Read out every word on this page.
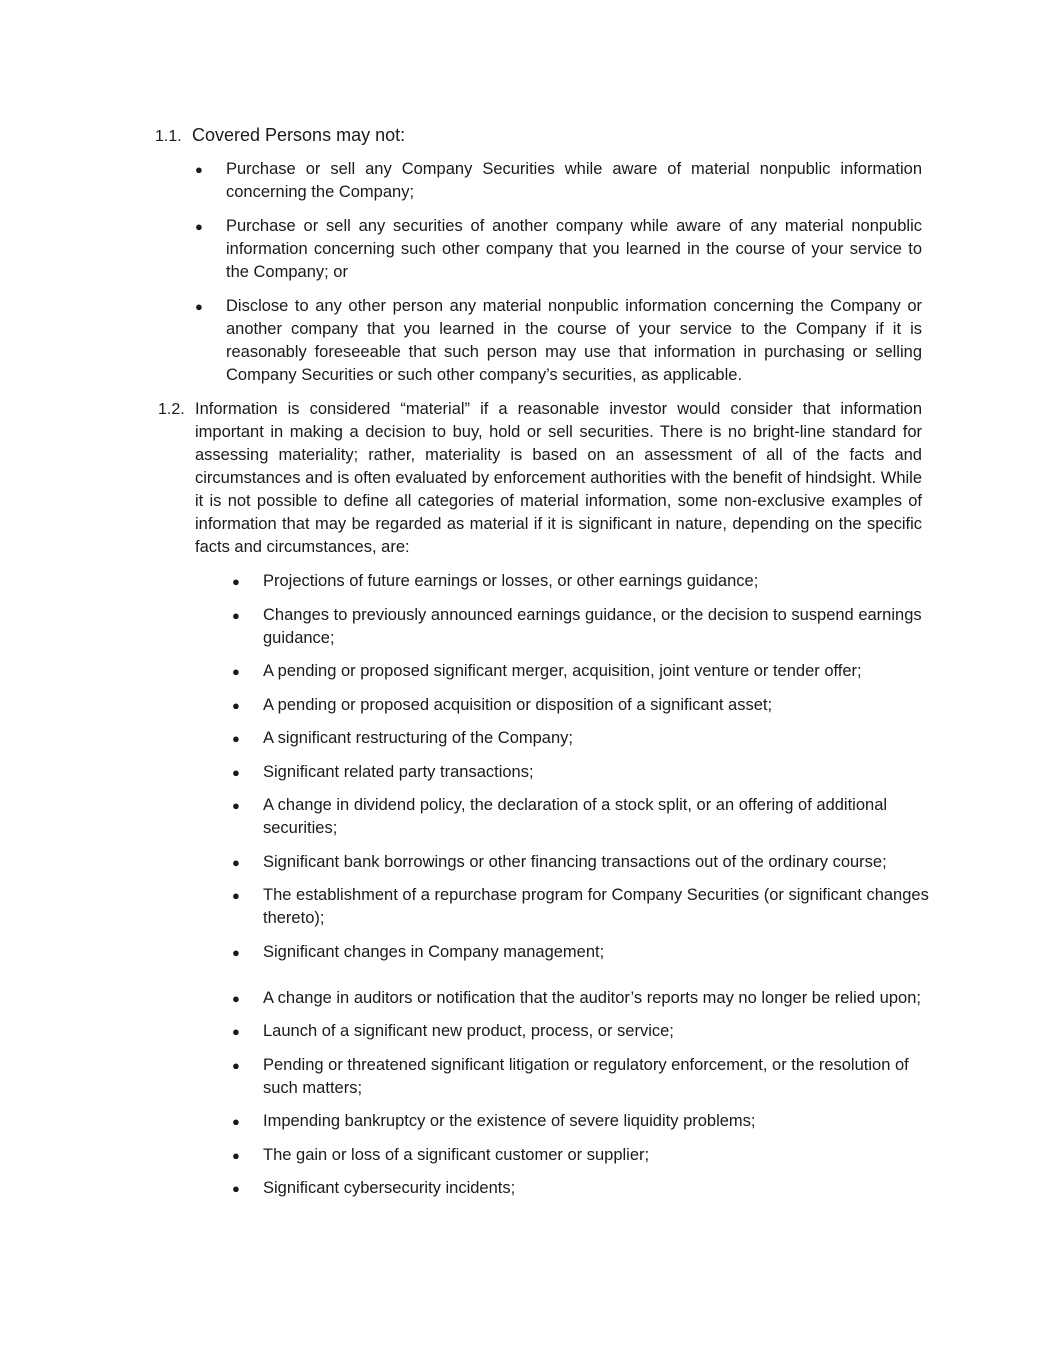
1.1. Covered Persons may not:
● Purchase or sell any Company Securities while aware of material nonpublic information concerning the Company;
● Purchase or sell any securities of another company while aware of any material nonpublic information concerning such other company that you learned in the course of your service to the Company; or
● Disclose to any other person any material nonpublic information concerning the Company or another company that you learned in the course of your service to the Company if it is reasonably foreseeable that such person may use that information in purchasing or selling Company Securities or such other company’s securities, as applicable.
1.2. Information is considered “material” if a reasonable investor would consider that information important in making a decision to buy, hold or sell securities. There is no bright-line standard for assessing materiality; rather, materiality is based on an assessment of all of the facts and circumstances and is often evaluated by enforcement authorities with the benefit of hindsight. While it is not possible to define all categories of material information, some non-exclusive examples of information that may be regarded as material if it is significant in nature, depending on the specific facts and circumstances, are:
● Projections of future earnings or losses, or other earnings guidance;
● Changes to previously announced earnings guidance, or the decision to suspend earnings guidance;
● A pending or proposed significant merger, acquisition, joint venture or tender offer;
● A pending or proposed acquisition or disposition of a significant asset;
● A significant restructuring of the Company;
● Significant related party transactions;
● A change in dividend policy, the declaration of a stock split, or an offering of additional securities;
● Significant bank borrowings or other financing transactions out of the ordinary course;
● The establishment of a repurchase program for Company Securities (or significant changes thereto);
● Significant changes in Company management;
● A change in auditors or notification that the auditor’s reports may no longer be relied upon;
● Launch of a significant new product, process, or service;
● Pending or threatened significant litigation or regulatory enforcement, or the resolution of such matters;
● Impending bankruptcy or the existence of severe liquidity problems;
● The gain or loss of a significant customer or supplier;
● Significant cybersecurity incidents;
